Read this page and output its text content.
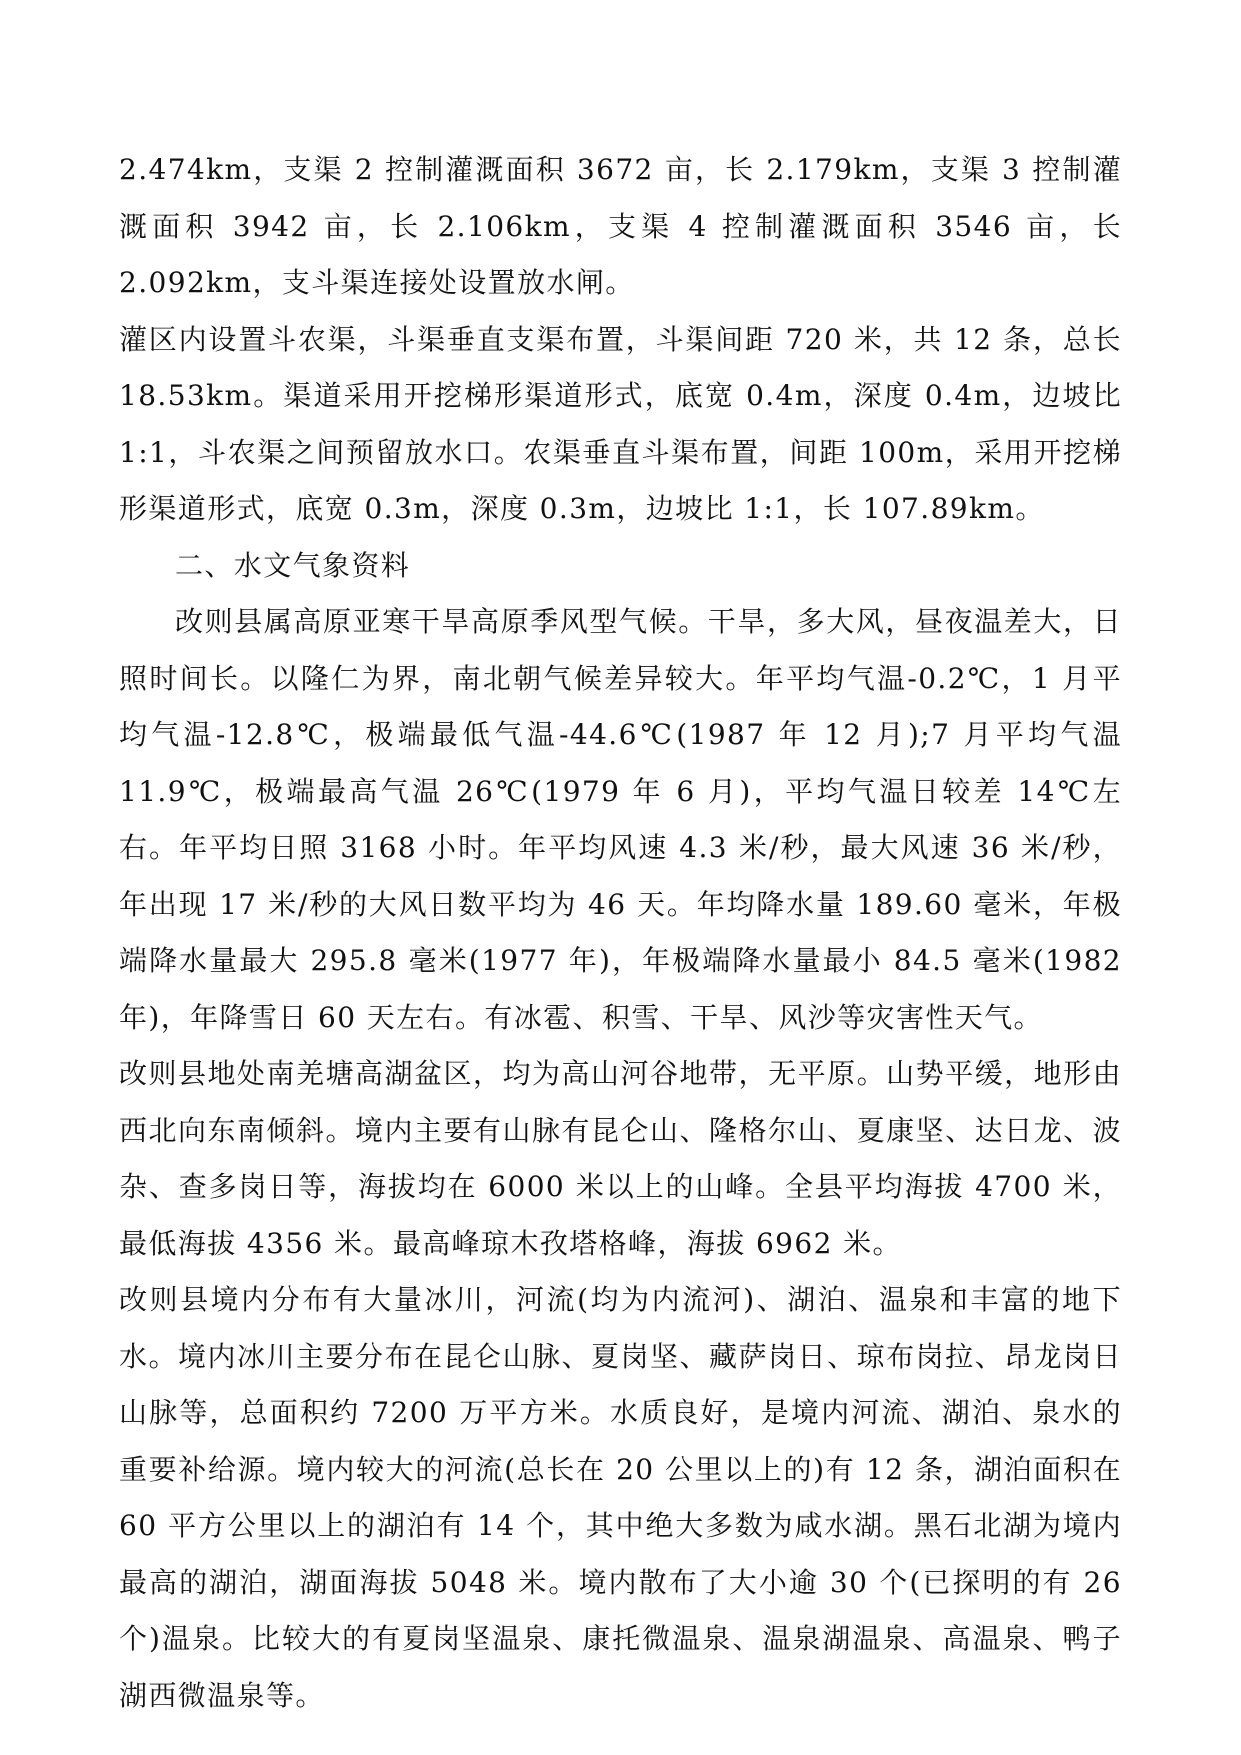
2.474km，支渠 2 控制灌溉面积 3672 亩，长 2.179km，支渠 3 控制灌溉面积 3942 亩，长 2.106km，支渠 4 控制灌溉面积 3546 亩，长 2.092km，支斗渠连接处设置放水闸。

灌区内设置斗农渠，斗渠垂直支渠布置，斗渠间距 720 米，共 12 条，总长 18.53km。渠道采用开挖梯形渠道形式，底宽 0.4m，深度 0.4m，边坡比 1:1，斗农渠之间预留放水口。农渠垂直斗渠布置，间距 100m，采用开挖梯形渠道形式，底宽 0.3m，深度 0.3m，边坡比 1:1，长 107.89km。

二、水文气象资料

改则县属高原亚寒干旱高原季风型气候。干旱，多大风，昼夜温差大，日照时间长。以隆仁为界，南北朝气候差异较大。年平均气温-0.2℃，1 月平均气温-12.8℃，极端最低气温-44.6℃(1987 年 12 月);7 月平均气温 11.9℃，极端最高气温 26℃(1979 年 6 月)，平均气温日较差 14℃左右。年平均日照 3168 小时。年平均风速 4.3 米/秒，最大风速 36 米/秒，年出现 17 米/秒的大风日数平均为 46 天。年均降水量 189.60 毫米，年极端降水量最大 295.8 毫米(1977 年)，年极端降水量最小 84.5 毫米(1982 年)，年降雪日 60 天左右。有冰雹、积雪、干旱、风沙等灾害性天气。

改则县地处南羌塘高湖盆区，均为高山河谷地带，无平原。山势平缓，地形由西北向东南倾斜。境内主要有山脉有昆仑山、隆格尔山、夏康坚、达日龙、波杂、查多岗日等，海拔均在 6000 米以上的山峰。全县平均海拔 4700 米，最低海拔 4356 米。最高峰琼木孜塔格峰，海拔 6962 米。

改则县境内分布有大量冰川，河流(均为内流河)、湖泊、温泉和丰富的地下水。境内冰川主要分布在昆仑山脉、夏岗坚、藏萨岗日、琼布岗拉、昂龙岗日山脉等，总面积约 7200 万平方米。水质良好，是境内河流、湖泊、泉水的重要补给源。境内较大的河流(总长在 20 公里以上的)有 12 条，湖泊面积在 60 平方公里以上的湖泊有 14 个，其中绝大多数为咸水湖。黑石北湖为境内最高的湖泊，湖面海拔 5048 米。境内散布了大小逾 30 个(已探明的有 26 个)温泉。比较大的有夏岗坚温泉、康托微温泉、温泉湖温泉、高温泉、鸭子湖西微温泉等。
